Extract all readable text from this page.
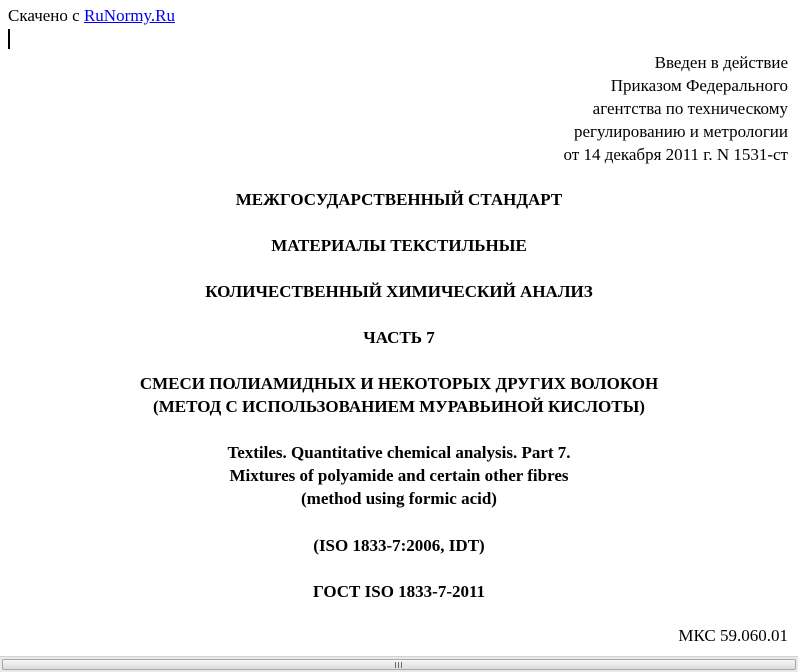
Скачено с RuNormy.Ru
Введен в действие
Приказом Федерального
агентства по техническому
регулированию и метрологии
от 14 декабря 2011 г. N 1531-ст
МЕЖГОСУДАРСТВЕННЫЙ СТАНДАРТ
МАТЕРИАЛЫ ТЕКСТИЛЬНЫЕ
КОЛИЧЕСТВЕННЫЙ ХИМИЧЕСКИЙ АНАЛИЗ
ЧАСТЬ 7
СМЕСИ ПОЛИАМИДНЫХ И НЕКОТОРЫХ ДРУГИХ ВОЛОКОН
(МЕТОД С ИСПОЛЬЗОВАНИЕМ МУРАВЬИНОЙ КИСЛОТЫ)
Textiles. Quantitative chemical analysis. Part 7.
Mixtures of polyamide and certain other fibres
(method using formic acid)
(ISO 1833-7:2006, IDT)
ГОСТ ISO 1833-7-2011
МКС 59.060.01
